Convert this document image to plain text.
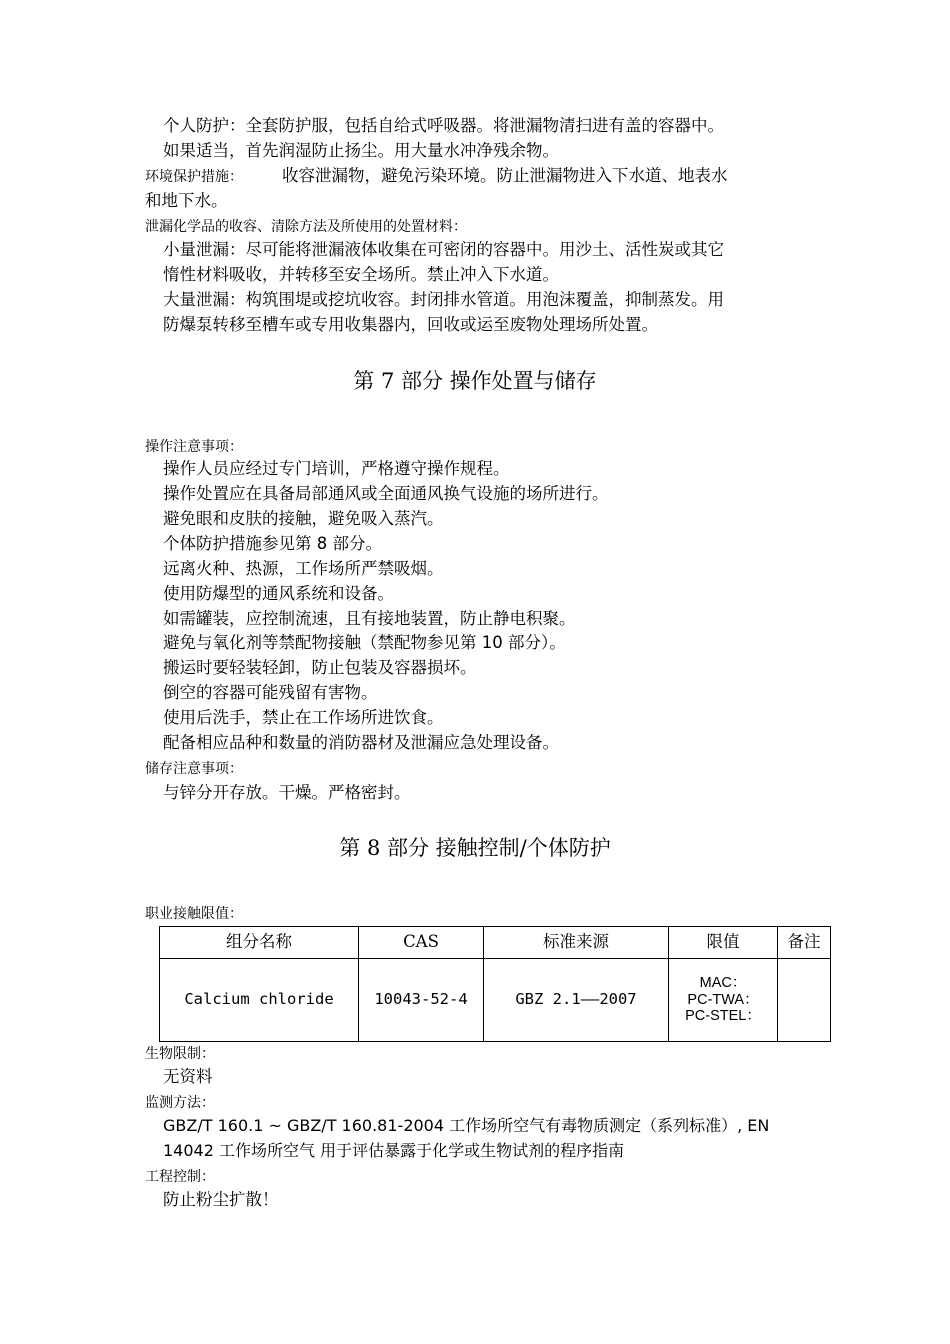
个人防护：全套防护服，包括自给式呼吸器。将泄漏物清扫进有盖的容器中。
如果适当，首先润湿防止扬尘。用大量水冲净残余物。
环境保护措施： 收容泄漏物，避免污染环境。防止泄漏物进入下水道、地表水
和地下水。
泄漏化学品的收容、清除方法及所使用的处置材料：
小量泄漏：尽可能将泄漏液体收集在可密闭的容器中。用沙土、活性炭或其它
惰性材料吸收，并转移至安全场所。禁止冲入下水道。
大量泄漏：构筑围堤或挖坑收容。封闭排水管道。用泡沫覆盖，抑制蒸发。用
防爆泵转移至槽车或专用收集器内，回收或运至废物处理场所处置。
第 7 部分 操作处置与储存
操作注意事项：
操作人员应经过专门培训，严格遵守操作规程。
操作处置应在具备局部通风或全面通风换气设施的场所进行。
避免眼和皮肤的接触，避免吸入蒸汽。
个体防护措施参见第 8 部分。
远离火种、热源，工作场所严禁吸烟。
使用防爆型的通风系统和设备。
如需罐装，应控制流速，且有接地装置，防止静电积聚。
避免与氧化剂等禁配物接触（禁配物参见第 10 部分）。
搬运时要轻装轻卸，防止包装及容器损坏。
倒空的容器可能残留有害物。
使用后洗手，禁止在工作场所进饮食。
配备相应品种和数量的消防器材及泄漏应急处理设备。
储存注意事项：
与锌分开存放。干燥。严格密封。
第 8 部分 接触控制/个体防护
职业接触限值：
组分名称	CAS	标准来源	限值	备注
Calcium chloride	10043-52-4	GBZ 2.1——2007	MAC：
PC-TWA：
PC-STEL：	

生物限制：
无资料
监测方法：
GBZ/T 160.1 ~ GBZ/T 160.81-2004 工作场所空气有毒物质测定（系列标准）, EN
14042 工作场所空气 用于评估暴露于化学或生物试剂的程序指南
工程控制：
防止粉尘扩散！
